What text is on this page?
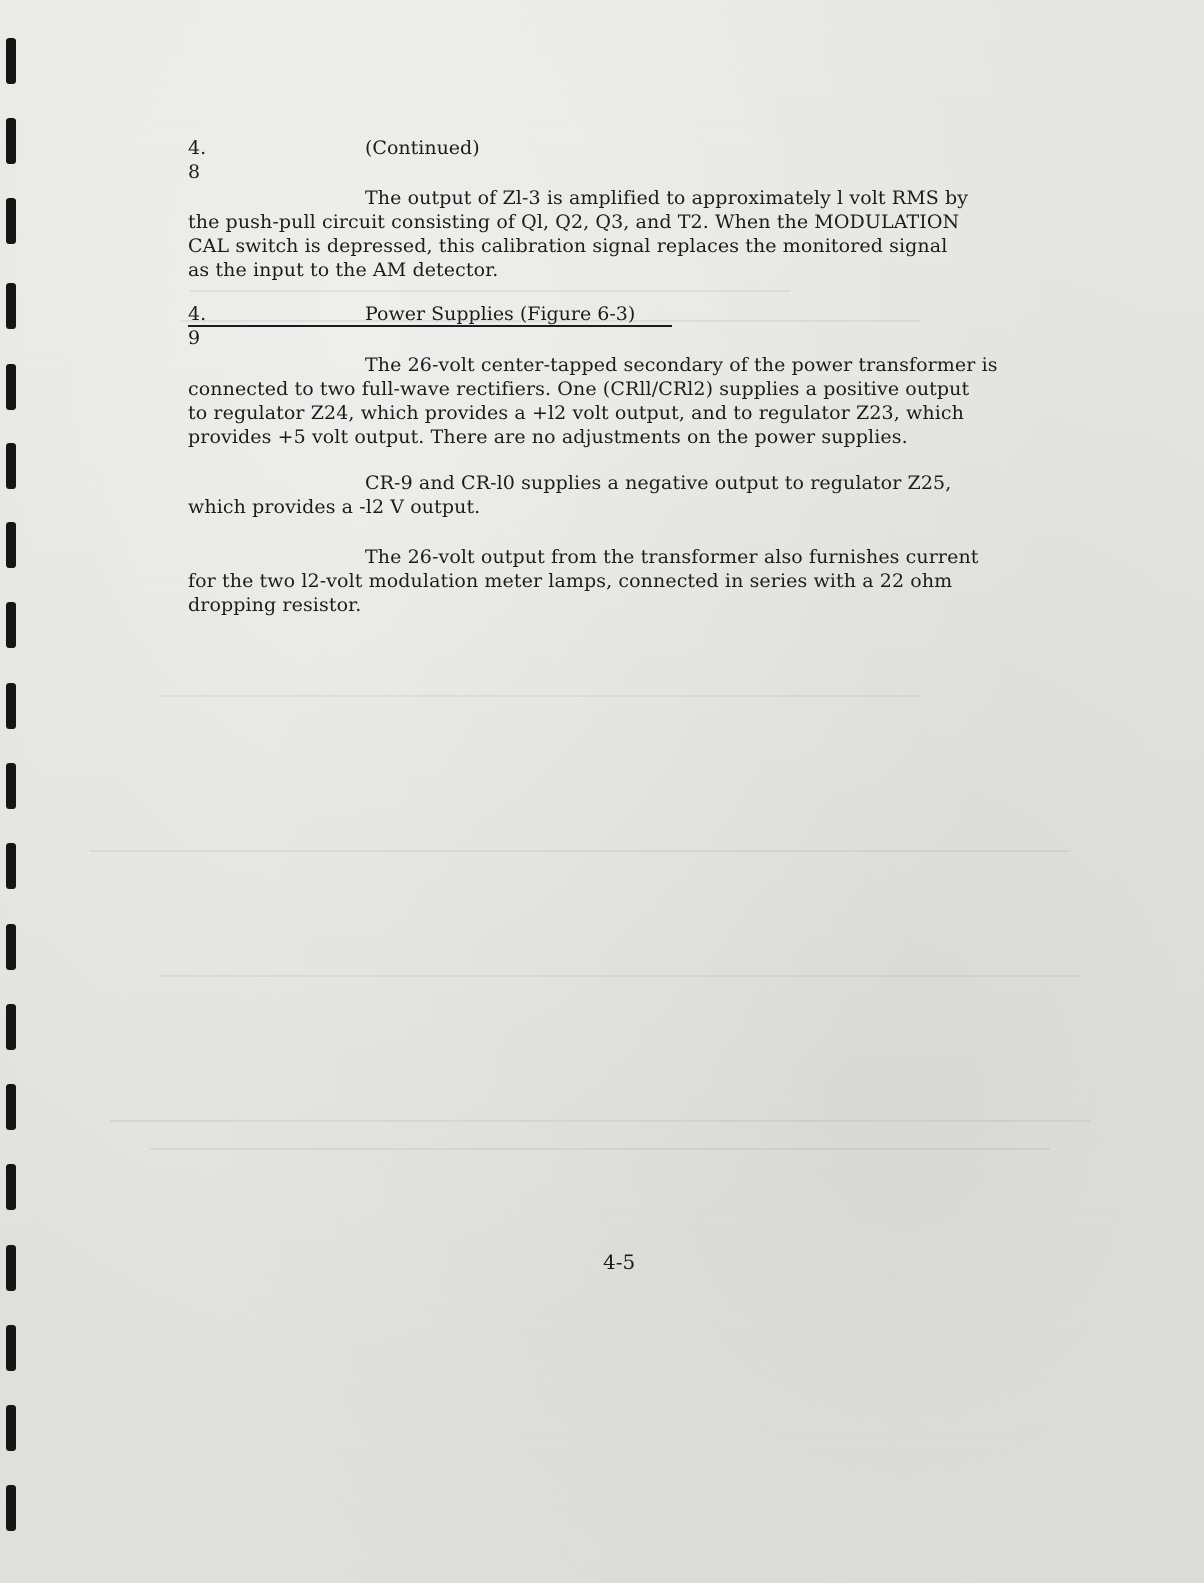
4. 8
(Continued)
The output of Zl-3 is amplified to approximately l volt RMS by
the push-pull circuit consisting of Ql, Q2, Q3, and T2. When the MODULATION
CAL switch is depressed, this calibration signal replaces the monitored signal
as the input to the AM detector.
4. 9
Power Supplies (Figure 6-3)
The 26-volt center-tapped secondary of the power transformer is
connected to two full-wave rectifiers. One (CRll/CRl2) supplies a positive output
to regulator Z24, which provides a +l2 volt output, and to regulator Z23, which
provides +5 volt output. There are no adjustments on the power supplies.
CR-9 and CR-l0 supplies a negative output to regulator Z25,
which provides a -l2 V output.
The 26-volt output from the transformer also furnishes current
for the two l2-volt modulation meter lamps, connected in series with a 22 ohm
dropping resistor.
4-5
